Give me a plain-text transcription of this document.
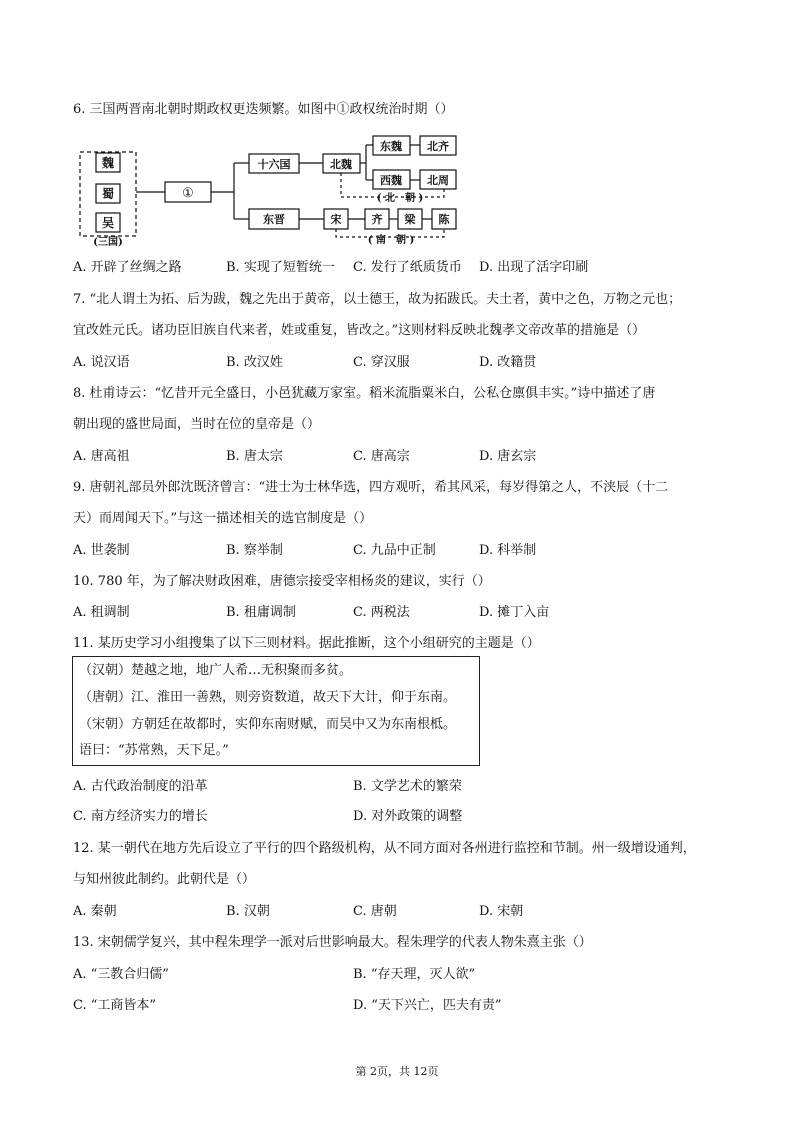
6. 三国两晋南北朝时期政权更迭频繁。如图中①政权统治时期（）
魏
蜀
吴
(三国)
①
十六国	北魏
东魏 北齐
西魏 北周
( 北　朝 )
东晋	宋	齐 梁 陈
( 南　朝 )
A. 开辟了丝绸之路	B. 实现了短暂统一 C. 发行了纸质货币 D. 出现了活字印刷
7. “北人谓土为拓、后为跋，魏之先出于黄帝，以土德王，故为拓跋氏。夫土者，黄中之色，万物之元也；
宜改姓元氏。诸功臣旧族自代来者，姓或重复，皆改之。”这则材料反映北魏孝文帝改革的措施是（）
A. 说汉语	B. 改汉姓	C. 穿汉服	D. 改籍贯
8. 杜甫诗云：“忆昔开元全盛日，小邑犹藏万家室。稻米流脂粟米白，公私仓廪俱丰实。”诗中描述了唐
朝出现的盛世局面，当时在位的皇帝是（）
A. 唐高祖	B. 唐太宗	C. 唐高宗	D. 唐玄宗
9. 唐朝礼部员外郎沈既济曾言：“进士为士林华选，四方观听，希其风采，每岁得第之人，不浃辰（十二
天）而周闻天下。”与这一描述相关的选官制度是（）
A. 世袭制	B. 察举制	C. 九品中正制	D. 科举制
10. 780 年，为了解决财政困难，唐德宗接受宰相杨炎的建议，实行（）
A. 租调制	B. 租庸调制	C. 两税法	D. 摊丁入亩
11. 某历史学习小组搜集了以下三则材料。据此推断，这个小组研究的主题是（）
（汉朝）楚越之地，地广人希…无积聚而多贫。
（唐朝）江、淮田一善熟，则旁资数道，故天下大计，仰于东南。
（宋朝）方朝廷在故都时，实仰东南财赋，而吴中又为东南根柢。
语曰：“苏常熟，天下足。”
A. 古代政治制度的沿革	B. 文学艺术的繁荣
C. 南方经济实力的增长	D. 对外政策的调整
12. 某一朝代在地方先后设立了平行的四个路级机构，从不同方面对各州进行监控和节制。州一级增设通判，
与知州彼此制约。此朝代是（）
A. 秦朝	B. 汉朝	C. 唐朝	D. 宋朝
13. 宋朝儒学复兴，其中程朱理学一派对后世影响最大。程朱理学的代表人物朱熹主张（）
A. “三教合归儒”	B. “存天理，灭人欲”
C. “工商皆本”	D. “天下兴亡，匹夫有责”
第 2页，共 12页
